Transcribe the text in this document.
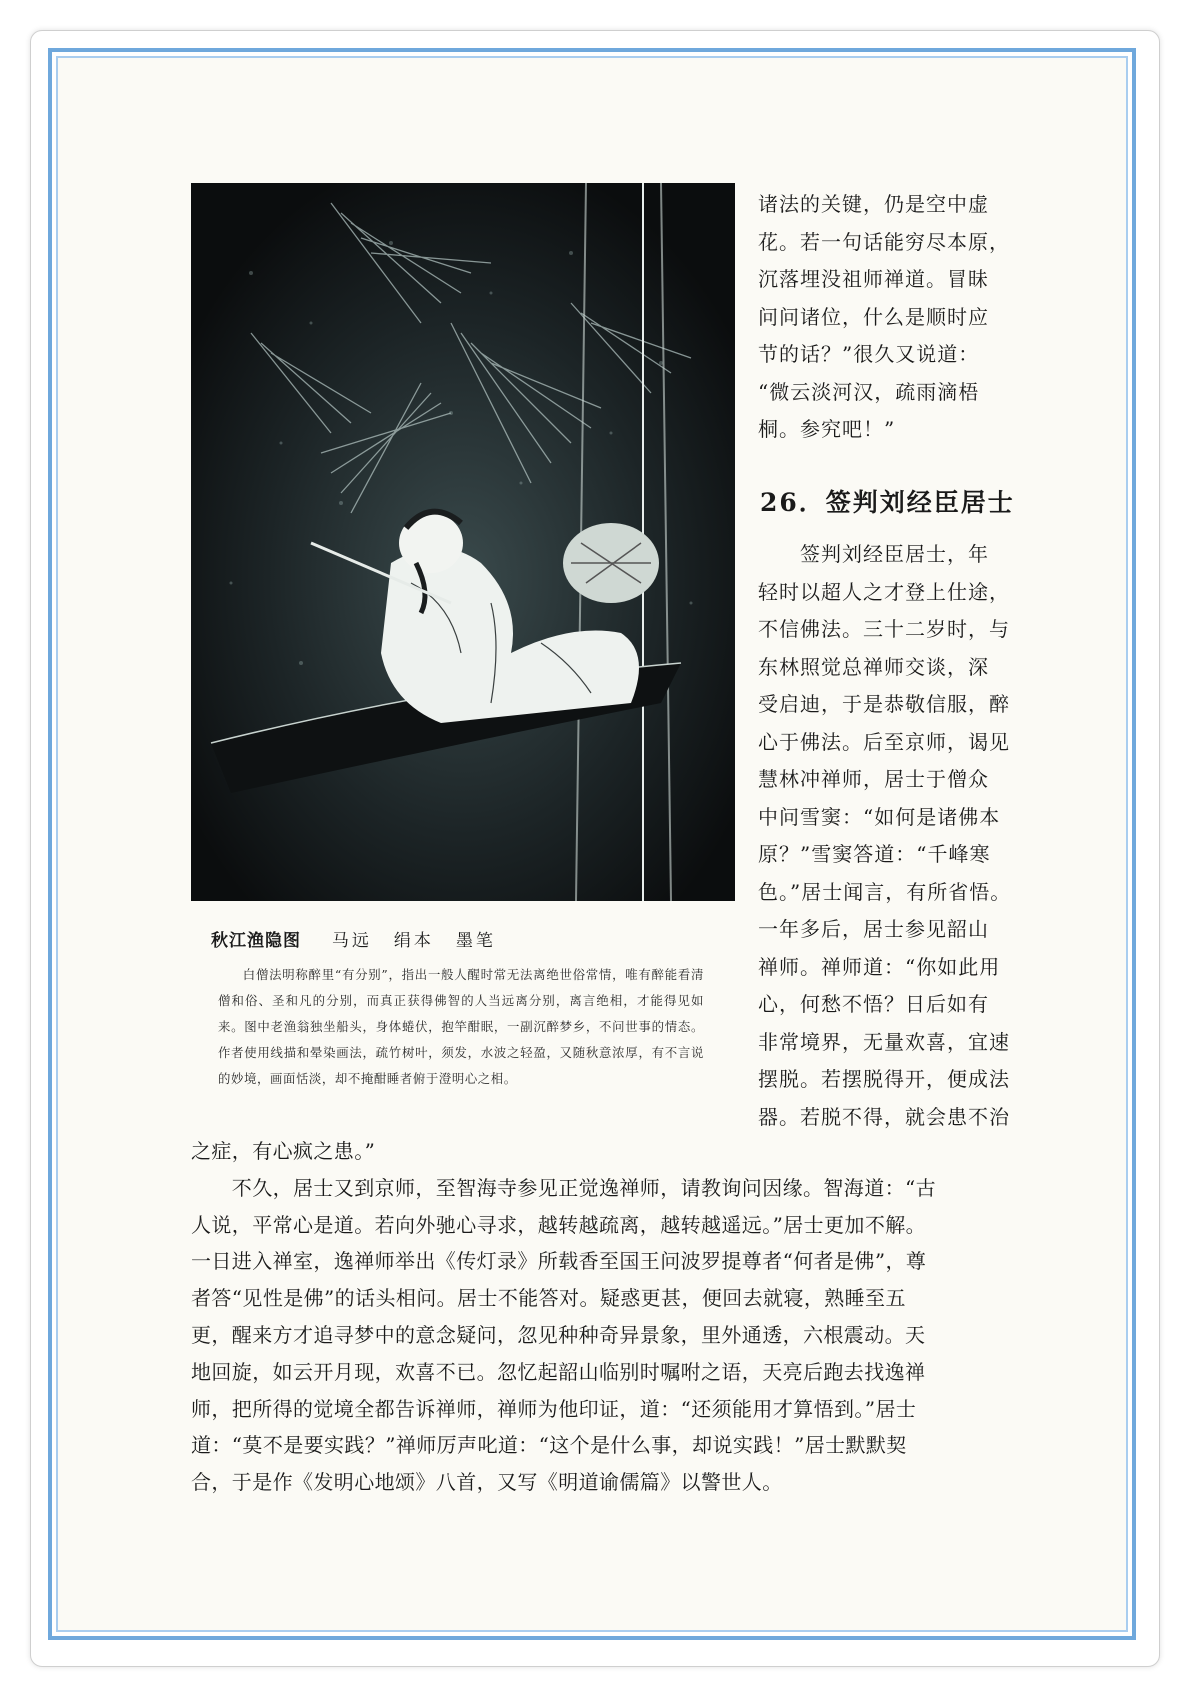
秋江渔隐图 马远 绢本 墨笔
白僧法明称醉里“有分别”，指出一般人醒时常无法离绝世俗常情，唯有醉能看清僧和俗、圣和凡的分别，而真正获得佛智的人当远离分别，离言绝相，才能得见如来。图中老渔翁独坐船头，身体蜷伏，抱竿酣眠，一副沉醉梦乡，不问世事的情态。作者使用线描和晕染画法，疏竹树叶，须发，水波之轻盈，又随秋意浓厚，有不言说的妙境，画面恬淡，却不掩酣睡者俯于澄明心之相。
诸法的关键，仍是空中虚
花。若一句话能穷尽本原，
沉落埋没祖师禅道。冒昧
问问诸位，什么是顺时应
节的话？”很久又说道：
“微云淡河汉，疏雨滴梧
桐。参究吧！”
26．签判刘经臣居士
　　签判刘经臣居士，年
轻时以超人之才登上仕途，
不信佛法。三十二岁时，与
东林照觉总禅师交谈，深
受启迪，于是恭敬信服，醉
心于佛法。后至京师，谒见
慧林冲禅师，居士于僧众
中问雪窦：“如何是诸佛本
原？”雪窦答道：“千峰寒
色。”居士闻言，有所省悟。
一年多后，居士参见韶山
禅师。禅师道：“你如此用
心，何愁不悟？日后如有
非常境界，无量欢喜，宜速
摆脱。若摆脱得开，便成法
器。若脱不得，就会患不治
之症，有心疯之患。”
　　不久，居士又到京师，至智海寺参见正觉逸禅师，请教询问因缘。智海道：“古
人说，平常心是道。若向外驰心寻求，越转越疏离，越转越遥远。”居士更加不解。
一日进入禅室，逸禅师举出《传灯录》所载香至国王问波罗提尊者“何者是佛”，尊
者答“见性是佛”的话头相问。居士不能答对。疑惑更甚，便回去就寝，熟睡至五
更，醒来方才追寻梦中的意念疑问，忽见种种奇异景象，里外通透，六根震动。天
地回旋，如云开月现，欢喜不已。忽忆起韶山临别时嘱咐之语，天亮后跑去找逸禅
师，把所得的觉境全都告诉禅师，禅师为他印证，道：“还须能用才算悟到。”居士
道：“莫不是要实践？”禅师厉声叱道：“这个是什么事，却说实践！”居士默默契
合，于是作《发明心地颂》八首，又写《明道谕儒篇》以警世人。
